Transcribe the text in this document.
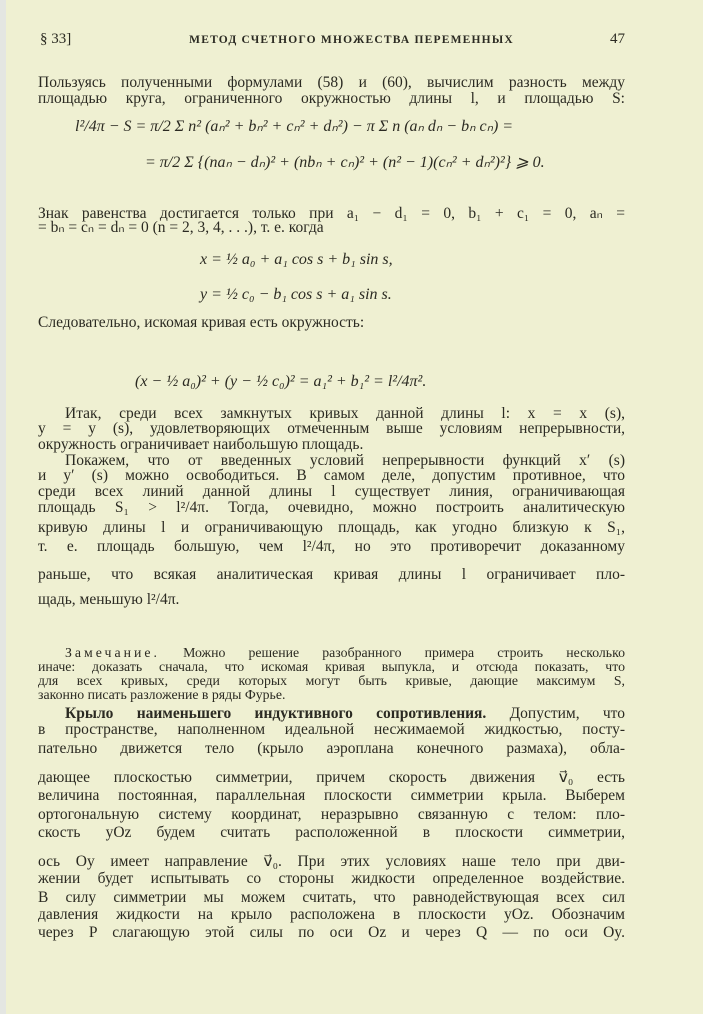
§ 33]	МЕТОД СЧЕТНОГО МНОЖЕСТВА ПЕРЕМЕННЫХ	47
Пользуясь полученными формулами (58) и (60), вычислим разность между
площадью круга, ограниченного окружностью длины l, и площадью S:
l²/4π − S = π/2 Σ n² (aₙ² + bₙ² + cₙ² + dₙ²) − π Σ n (aₙ dₙ − bₙ cₙ) =
= π/2 Σ {(naₙ − dₙ)² + (nbₙ + cₙ)² + (n² − 1)(cₙ² + dₙ²)²} ⩾ 0.
Знак равенства достигается только при a₁ − d₁ = 0, b₁ + c₁ = 0, aₙ =
= bₙ = cₙ = dₙ = 0 (n = 2, 3, 4, . . .), т. е. когда
x = ½ a₀ + a₁ cos s + b₁ sin s,
y = ½ c₀ − b₁ cos s + a₁ sin s.
Следовательно, искомая кривая есть окружность:
(x − ½ a₀)² + (y − ½ c₀)² = a₁² + b₁² = l²/4π².
Итак, среди всех замкнутых кривых данной длины l: x = x (s),
y = y (s), удовлетворяющих отмеченным выше условиям непрерывности,
окружность ограничивает наибольшую площадь.
Покажем, что от введенных условий непрерывности функций x′ (s)
и y′ (s) можно освободиться. В самом деле, допустим противное, что
среди всех линий данной длины l существует линия, ограничивающая
площадь S₁ > l²/4π. Тогда, очевидно, можно построить аналитическую
кривую длины l и ограничивающую площадь, как угодно близкую к S₁,
т. е. площадь большую, чем l²/4π, но это противоречит доказанному
раньше, что всякая аналитическая кривая длины l ограничивает пло-
щадь, меньшую l²/4π.
Замечание. Можно решение разобранного примера строить несколько
иначе: доказать сначала, что искомая кривая выпукла, и отсюда показать, что
для всех кривых, среди которых могут быть кривые, дающие максимум S,
законно писать разложение в ряды Фурье.
Крыло наименьшего индуктивного сопротивления. Допустим, что
в пространстве, наполненном идеальной несжимаемой жидкостью, посту-
пательно движется тело (крыло аэроплана конечного размаха), обла-
дающее плоскостью симметрии, причем скорость движения v⃗₀ есть
величина постоянная, параллельная плоскости симметрии крыла. Выберем
ортогональную систему координат, неразрывно связанную с телом: пло-
скость yOz будем считать расположенной в плоскости симметрии,
ось Oy имеет направление v⃗₀. При этих условиях наше тело при дви-
жении будет испытывать со стороны жидкости определенное воздействие.
В силу симметрии мы можем считать, что равнодействующая всех сил
давления жидкости на крыло расположена в плоскости yOz. Обозначим
через P слагающую этой силы по оси Oz и через Q — по оси Oy.
